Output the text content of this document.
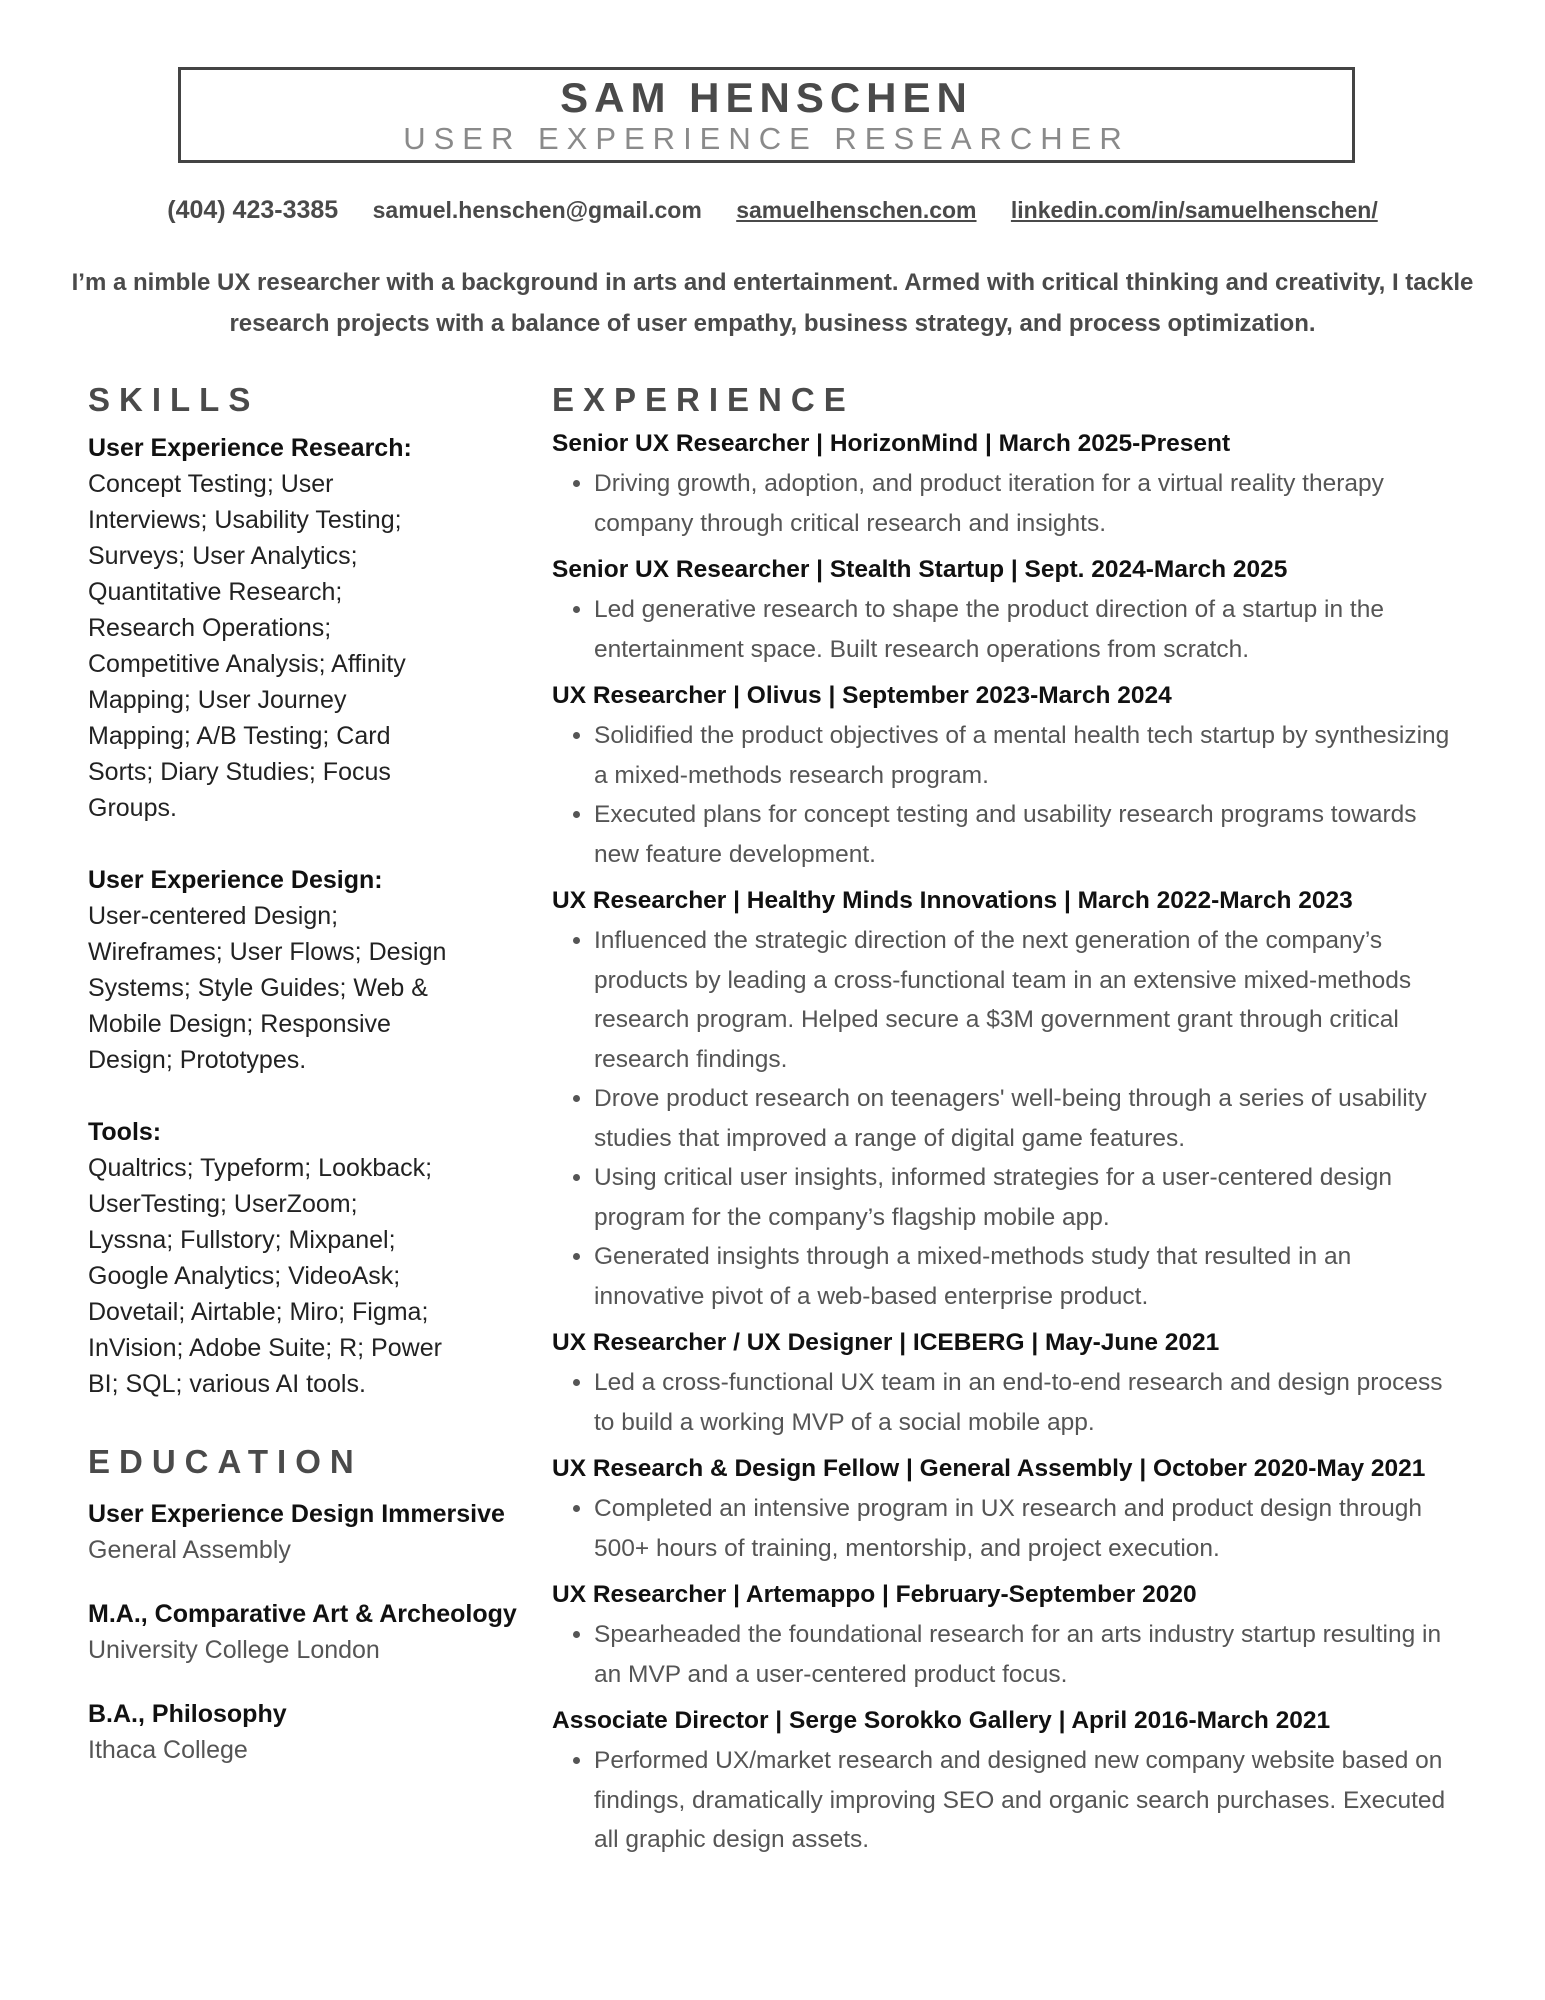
SAM HENSCHEN
USER EXPERIENCE RESEARCHER
(404) 423-3385 samuel.henschen@gmail.com samuelhenschen.com linkedin.com/in/samuelhenschen/
I’m a nimble UX researcher with a background in arts and entertainment. Armed with critical thinking and creativity, I tackle research projects with a balance of user empathy, business strategy, and process optimization.
SKILLS
User Experience Research:
Concept Testing; User Interviews; Usability Testing; Surveys; User Analytics; Quantitative Research; Research Operations; Competitive Analysis; Affinity Mapping; User Journey Mapping; A/B Testing; Card Sorts; Diary Studies; Focus Groups.
User Experience Design:
User-centered Design; Wireframes; User Flows; Design Systems; Style Guides; Web & Mobile Design; Responsive Design; Prototypes.
Tools:
Qualtrics; Typeform; Lookback; UserTesting; UserZoom; Lyssna; Fullstory; Mixpanel; Google Analytics; VideoAsk; Dovetail; Airtable; Miro; Figma; InVision; Adobe Suite; R; Power BI; SQL; various AI tools.
EDUCATION
User Experience Design Immersive
General Assembly
M.A., Comparative Art & Archeology
University College London
B.A., Philosophy
Ithaca College
EXPERIENCE
Senior UX Researcher | HorizonMind | March 2025-Present
• Driving growth, adoption, and product iteration for a virtual reality therapy company through critical research and insights.
Senior UX Researcher | Stealth Startup | Sept. 2024-March 2025
• Led generative research to shape the product direction of a startup in the entertainment space. Built research operations from scratch.
UX Researcher | Olivus | September 2023-March 2024
• Solidified the product objectives of a mental health tech startup by synthesizing a mixed-methods research program.
• Executed plans for concept testing and usability research programs towards new feature development.
UX Researcher | Healthy Minds Innovations | March 2022-March 2023
• Influenced the strategic direction of the next generation of the company’s products by leading a cross-functional team in an extensive mixed-methods research program. Helped secure a $3M government grant through critical research findings.
• Drove product research on teenagers' well-being through a series of usability studies that improved a range of digital game features.
• Using critical user insights, informed strategies for a user-centered design program for the company’s flagship mobile app.
• Generated insights through a mixed-methods study that resulted in an innovative pivot of a web-based enterprise product.
UX Researcher / UX Designer | ICEBERG | May-June 2021
• Led a cross-functional UX team in an end-to-end research and design process to build a working MVP of a social mobile app.
UX Research & Design Fellow | General Assembly | October 2020-May 2021
• Completed an intensive program in UX research and product design through 500+ hours of training, mentorship, and project execution.
UX Researcher | Artemappo | February-September 2020
• Spearheaded the foundational research for an arts industry startup resulting in an MVP and a user-centered product focus.
Associate Director | Serge Sorokko Gallery | April 2016-March 2021
• Performed UX/market research and designed new company website based on findings, dramatically improving SEO and organic search purchases. Executed all graphic design assets.
